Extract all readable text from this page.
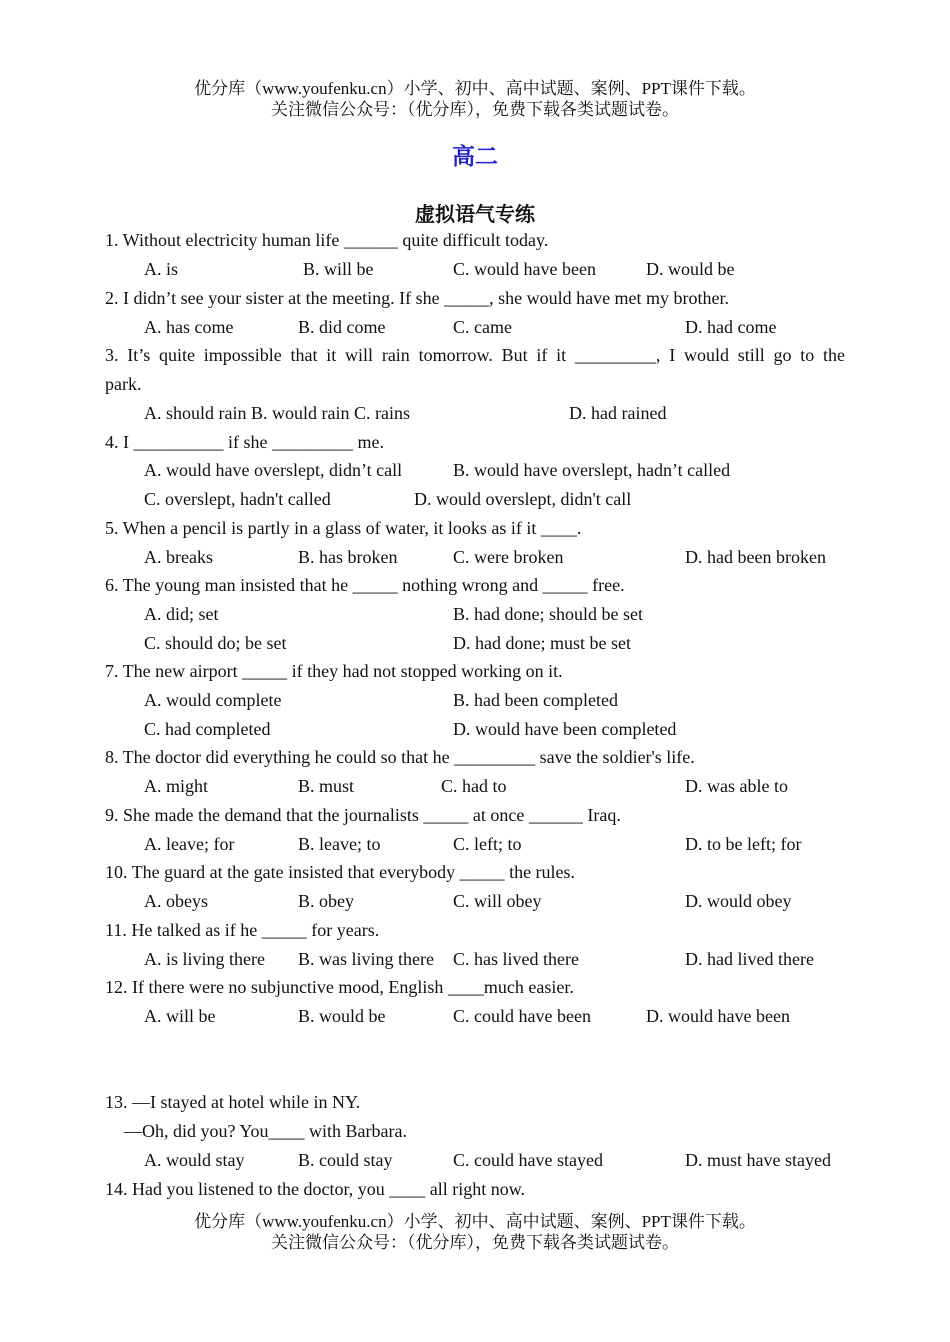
优分库（www.youfenku.cn）小学、初中、高中试题、案例、PPT课件下载。
关注微信公众号：（优分库），免费下载各类试题试卷。
高二
虚拟语气专练
1. Without electricity human life ______ quite difficult today.
A. is	B. will be	C. would have been	D. would be
2. I didn’t see your sister at the meeting. If she _____, she would have met my brother.
A. has come	B. did come	C. came	D. had come
3. It’s quite impossible that it will rain tomorrow. But if it _________, I would still go to the
park.
A. should rain B. would rain C. rains	D. had rained
4. I __________ if she _________ me.
A. would have overslept, didn’t call	B. would have overslept, hadn’t called
C. overslept, hadn't called	D. would overslept, didn't call
5. When a pencil is partly in a glass of water, it looks as if it ____.
A. breaks	B. has broken	C. were broken	D. had been broken
6. The young man insisted that he _____ nothing wrong and _____ free.
A. did; set	B. had done; should be set
C. should do; be set	D. had done; must be set
7. The new airport _____ if they had not stopped working on it.
A. would complete	B. had been completed
C. had completed	D. would have been completed
8. The doctor did everything he could so that he _________ save the soldier's life.
A. might	B. must	C. had to	D. was able to
9. She made the demand that the journalists _____ at once ______ Iraq.
A. leave; for	B. leave; to	C. left; to	D. to be left; for
10. The guard at the gate insisted that everybody _____ the rules.
A. obeys	B. obey	C. will obey	D. would obey
11. He talked as if he _____ for years.
A. is living there B. was living there C. has lived there	D. had lived there
12. If there were no subjunctive mood, English ____much easier.
A. will be	B. would be	C. could have been	D. would have been
13. —I stayed at hotel while in NY.
—Oh, did you? You____ with Barbara.
A. would stay	B. could stay	C. could have stayed	D. must have stayed
14. Had you listened to the doctor, you ____ all right now.
优分库（www.youfenku.cn）小学、初中、高中试题、案例、PPT课件下载。
关注微信公众号：（优分库），免费下载各类试题试卷。
